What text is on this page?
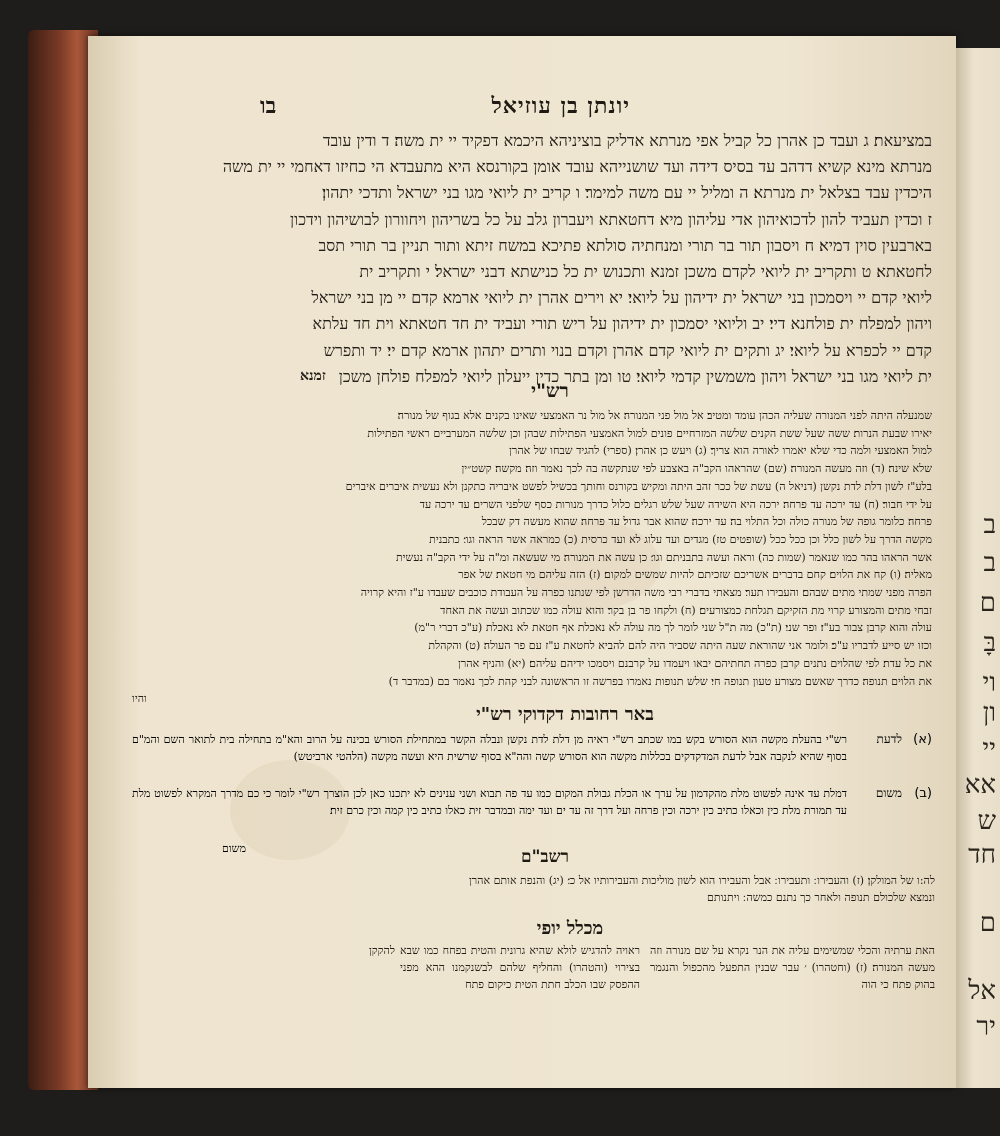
ב
ב
ם
בָּ
וי
ון
יי
אא
ש
חד
ם
אל
יר
יונתן בן עוזיאל
בו

במציעאת׃ ג ועבד כן אהרן כל קביל אפי מנרתא אדליק בוציניהא היכמא דפקיד יי ית משה׃ ד ודין עובד

מנרתא מינא קשיא דדהב עד בסיס דידה ועד שושנייהא עובד אומן בקורנסא היא מתעבדא הי כחיזו דאחמי יי ית משה

היכדין עבד בצלאל ית מנרתא׃ ה ומליל יי עם משה למימר׃ ו קריב ית ליואי מגו בני ישראל ותדכי יתהון׃

ז וכדין תעביד להון לדכואיהון אדי עליהון מיא דחטאתא ויעברון גלב על כל בשריהון ויחוורון לבושיהון וידכון

בארבעין סוין דמיא׃ ח ויסבון תור בר תורי ומנחתיה סולתא פתיכא במשח זיתא ותור תניין בר תורי תסב

לחטאתא׃ ט ותקריב ית ליואי לקדם משכן זמנא ותכנוש ית כל כנישתא דבני ישראל׃ י ותקריב ית

ליואי קדם יי ויסמכון בני ישראל ית ידיהון על ליואי׃ יא וירים אהרן ית ליואי ארמא קדם יי מן בני ישראל

ויהון למפלח ית פולחנא דיי׃ יב וליואי יסמכון ית ידיהון על ריש תורי ועביד ית חד חטאתא וית חד עלתא

קדם יי לכפרא על ליואי׃ יג ותקים ית ליואי קדם אהרן וקדם בנוי ותרים יתהון ארמא קדם יי׃ יד ותפרש

ית ליואי מגו בני ישראל ויהון משמשין קדמי ליואי׃ טו ומן בתר כדין ייעלון ליואי למפלח פולחן משכן

זמנא
רש"י

שמנעלה היתה לפני המנורה שעליה הכהן עומד ומטיב׃ אל מול פני המנורה׃ אל מול נר האמצעי שאינו בקנים אלא בגוף של מנורה׃

יאירו שבעת הנרות׃ ששה שעל ששת הקנים שלשה המזרחיים פונים למול האמצעי הפתילות שבהן וכן שלשה המערביים ראשי הפתילות

למול האמצעי ולמה כדי שלא יאמרו לאורה הוא צריך׃ (ג) ויעש כן אהרן׃ (ספרי) להגיד שבחו של אהרן

שלא שינה׃ (ד) וזה מעשה המנורה׃ (שם) שהראהו הקב"ה באצבע לפי שנתקשה בה לכך נאמר וזה׃ מקשה׃ קשט״ין

בלע"ז לשון דלת לדת נקשן (דניאל ה) עשת של ככר זהב היתה ומקיש בקורנס וחותך בכשיל לפשט איבריה כתקנן ולא נעשית איברים איברים

על ידי חבור׃ (ח) עד ירכה עד פרחה׃ ירכה היא השידה שעל שלש רגלים כלול כדרך מנורות כסף שלפני השרים׃ עד ירכה עד

פרחה׃ כלומר גופה של מנורה כולה וכל התלוי בה׃ עד ירכה׃ שהוא אבר גדול׃ עד פרחה׃ שהוא מעשה דק שבכל

מקשה הדרך על לשון כלל וכן ככל ככל (שופטים טז) מגדים ועד עלוג לא ועד כרסית (כ) כמראה אשר הראה וגו׳׃ כתבנית

אשר הראהו בהר כמו שנאמר (שמות כה) וראה ועשה בתבניתם וגו׳׃ כן עשה את המנורה׃ מי שעשאה ומ"ה על ידי הקב"ה נעשית

מאליה׃ (ו) קח את הלוים׃ קחם בדברים אשריכם שזכיתם להיות שמשים למקום׃ (ז) הזה עליהם מי חטאת׃ של אפר

הפרה מפני שמתי מתים שבהם׃ והעבירו תער׃ מצאתי בדברי רבי משה הדרשן לפי שנתנו כפרה על העבודת כוכבים שעבדו ע"ז והיא קרויה

זבחי מתים והמצורע קרוי מת הזקיקם תגלחת כמצורעים׃ (ח) ולקחו פר בן בקר׃ והוא עולה כמו שכתוב ועשה את האחד

עולה והוא קרבן צבור בע"ז׃ ופר שני׃ (ת"כ) מה ת"ל שני לומר לך מה עולה לא נאכלת אף חטאת לא נאכלת (ע"כ דברי ר"מ)

וכזו יש סייע לדבריו ע"כ׃ ולומר אני שהוראת שעה היתה שסביר היה להם להביא לחטאת ע"ז עם פר העולה׃ (ט) והקהלת

את כל עדת׃ לפי שהלוים נתנים קרבן כפרה תחתיהם יבאו ויעמדו על קרבנם ויסמכו ידיהם עליהם׃ (יא) והניף אהרן

את הלוים תנופה׃ כדרך שאשם מצורע טעון תנופה חי׃ שלש תנופות נאמרו בפרשה זו הראשונה לבני קהת לכך נאמר בם (במדבר ד)

והיו

באר רחובות דקדוקי רש"י
(א)
לדעת
רש"י בהעלת מקשה הוא הסורש בקש במו שכתב רש"י ראיה מן דלת לדת נקשן ונבלה הקשר במתחילת הסורש בכינה על הרוב והא"מ בתחילה בית לתואר השם והמ"ם בסוף שהיא לנקבה אבל לדעת המדקדקים בכללות מקשה הוא הסורש קשה והה"א בסוף שרשית היא ועשה מקשה (הלהטי ארביטש)
(ב)
משום
דמלת עד אינה לפשוט מלת מהקדמון על ערך או הכלת גבולת המקום כמו עד פה תבוא ושני ענינים לא יתכנו כאן לכן הוצרך רש"י לומר כי כם מדרך המקרא לפשוט מלת עד תמורת מלת כין וכאלו כתיב כין ירכה וכין פרחה ועל דרך זה עד ים ועד ימה ובמדבר זית כאלו כתיב כין קמה וכין כרם זית׃
משום	רשב"ם

לה:ו של המולקן׃ (ז) והעבירו ׃ ותעבירו ׃ אבל והעבירו הוא לשון מוליכות והעבירותיו אל כ׳׃ (יג) והנפת אותם אהרן

ונמצא שלכולם תנופה ולאחר כך נתנם כמשה ׃ ויתנותם

מכלל יופי
האת ערתיה והכלי שמשימים עליה את הנר נקרא על שם מנורה וזה מעשה המנורה׃ (ז) (וחטהרו) ׳ עבר שבנין התפעל מהכפול והנגמר בהוק פתח כי הוה
ראויה להדגיש לולא שהיא גרונית והטית בפחח כמו שבא בצירוי (והטהרו) והחליף שלהם לבשנקמנו ההא מפני ההפסק שבו הכלב חתת הטית כיקום פתח
להקקן
